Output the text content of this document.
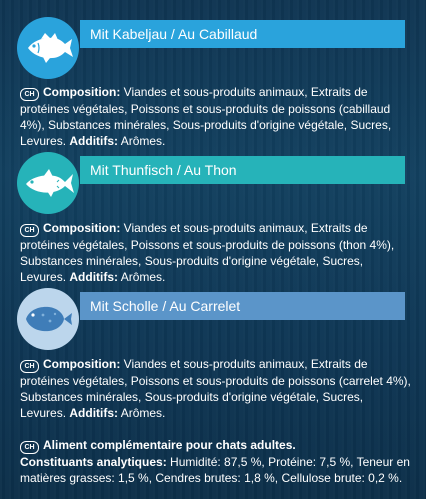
Mit Kabeljau / Au Cabillaud
CH Composition: Viandes et sous-produits animaux, Extraits de protéines végétales, Poissons et sous-produits de poissons (cabillaud 4%), Substances minérales, Sous-produits d'origine végétale, Sucres, Levures. Additifs: Arômes.
Mit Thunfisch / Au Thon
CH Composition: Viandes et sous-produits animaux, Extraits de protéines végétales, Poissons et sous-produits de poissons (thon 4%), Substances minérales, Sous-produits d'origine végétale, Sucres, Levures. Additifs: Arômes.
Mit Scholle / Au Carrelet
CH Composition: Viandes et sous-produits animaux, Extraits de protéines végétales, Poissons et sous-produits de poissons (carrelet 4%), Substances minérales, Sous-produits d'origine végétale, Sucres, Levures. Additifs: Arômes.
CH Aliment complémentaire pour chats adultes.
Constituants analytiques: Humidité: 87,5 %, Protéine: 7,5 %, Teneur en matières grasses: 1,5 %, Cendres brutes: 1,8 %, Cellulose brute: 0,2 %.
